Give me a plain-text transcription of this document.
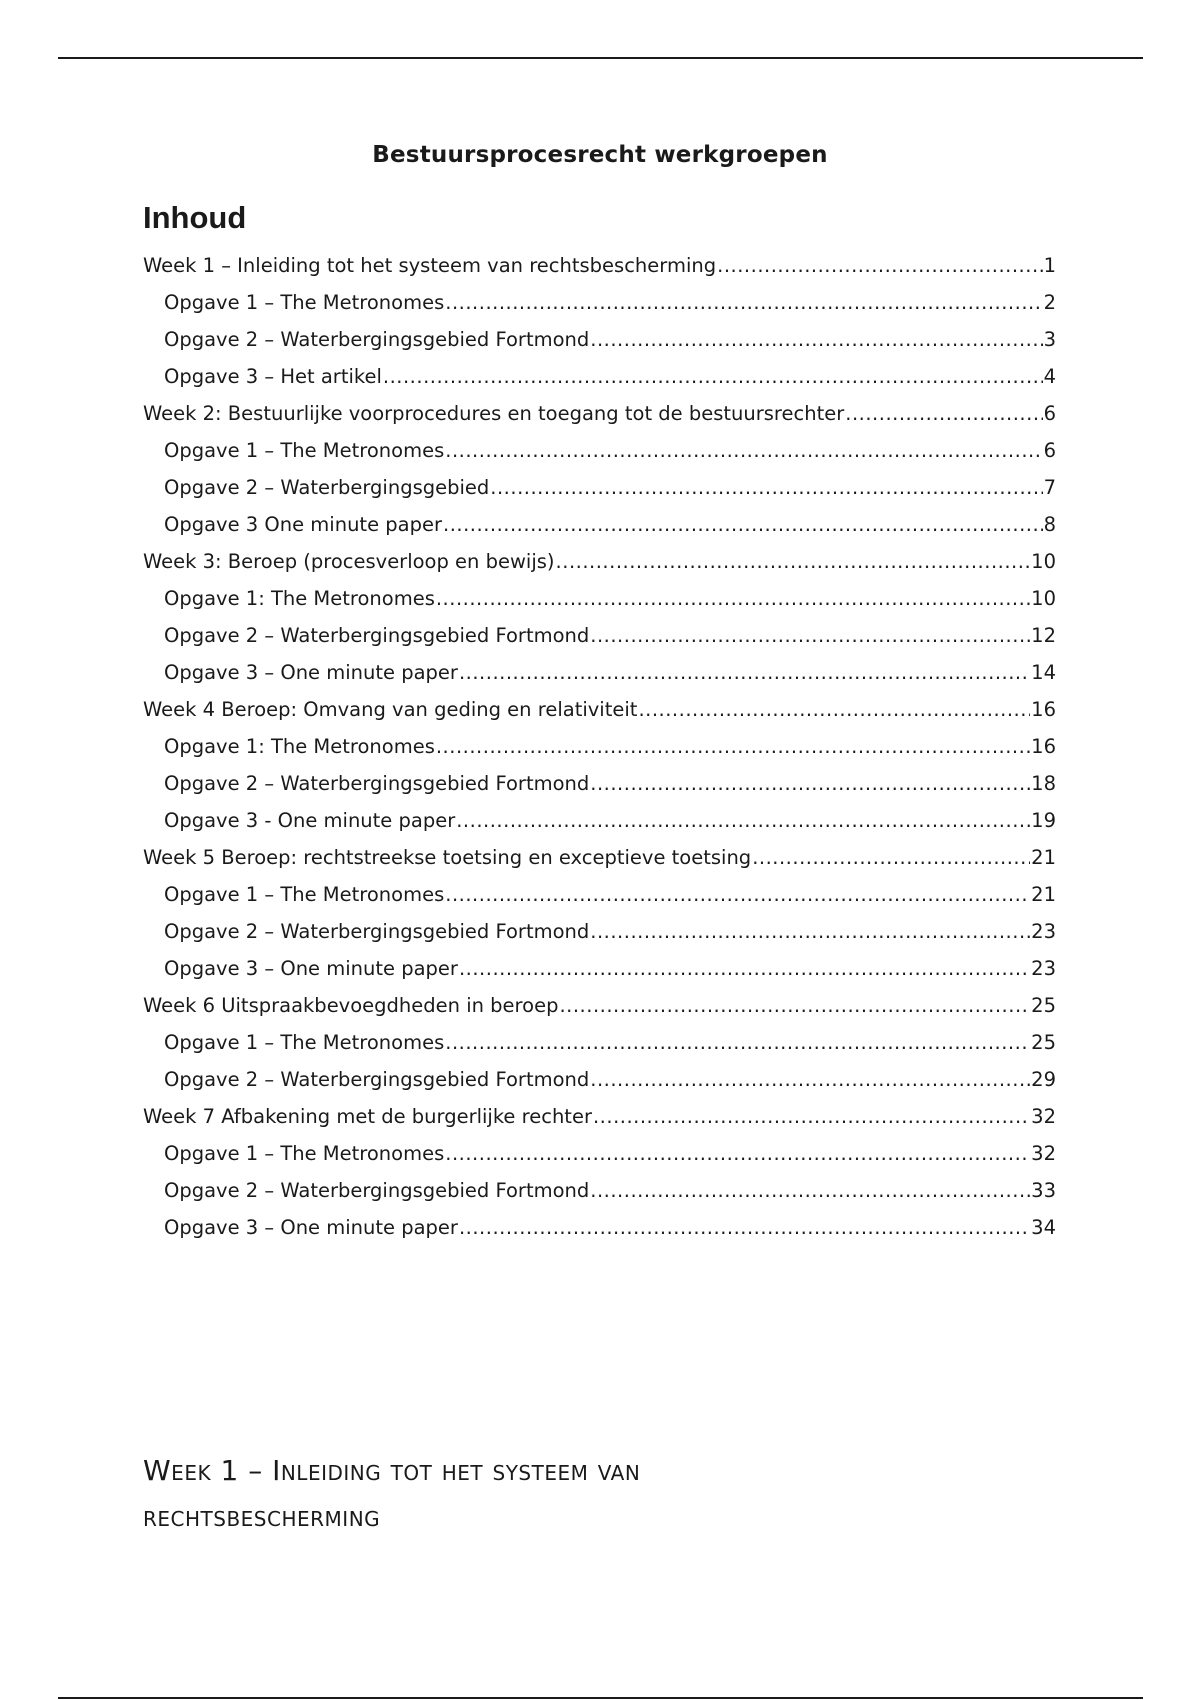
Bestuursprocesrecht werkgroepen
Inhoud
Week 1 – Inleiding tot het systeem van rechtsbescherming .....	1
Opgave 1 – The Metronomes .....	2
Opgave 2 – Waterbergingsgebied Fortmond .....	3
Opgave 3 – Het artikel .....	4
Week 2: Bestuurlijke voorprocedures en toegang tot de bestuursrechter .....	6
Opgave 1 – The Metronomes .....	6
Opgave 2 – Waterbergingsgebied .....	7
Opgave 3 One minute paper .....	8
Week 3: Beroep (procesverloop en bewijs) .....	10
Opgave 1: The Metronomes .....	10
Opgave 2 – Waterbergingsgebied Fortmond .....	12
Opgave 3 – One minute paper .....	14
Week 4 Beroep: Omvang van geding en relativiteit .....	16
Opgave 1: The Metronomes .....	16
Opgave 2 – Waterbergingsgebied Fortmond .....	18
Opgave 3 - One minute paper .....	19
Week 5 Beroep: rechtstreekse toetsing en exceptieve toetsing .....	21
Opgave 1 – The Metronomes .....	21
Opgave 2 – Waterbergingsgebied Fortmond .....	23
Opgave 3 – One minute paper .....	23
Week 6 Uitspraakbevoegdheden in beroep .....	25
Opgave 1 – The Metronomes .....	25
Opgave 2 – Waterbergingsgebied Fortmond .....	29
Week 7 Afbakening met de burgerlijke rechter .....	32
Opgave 1 – The Metronomes .....	32
Opgave 2 – Waterbergingsgebied Fortmond .....	33
Opgave 3 – One minute paper .....	34
Week 1 – Inleiding tot het systeem van rechtsbescherming
